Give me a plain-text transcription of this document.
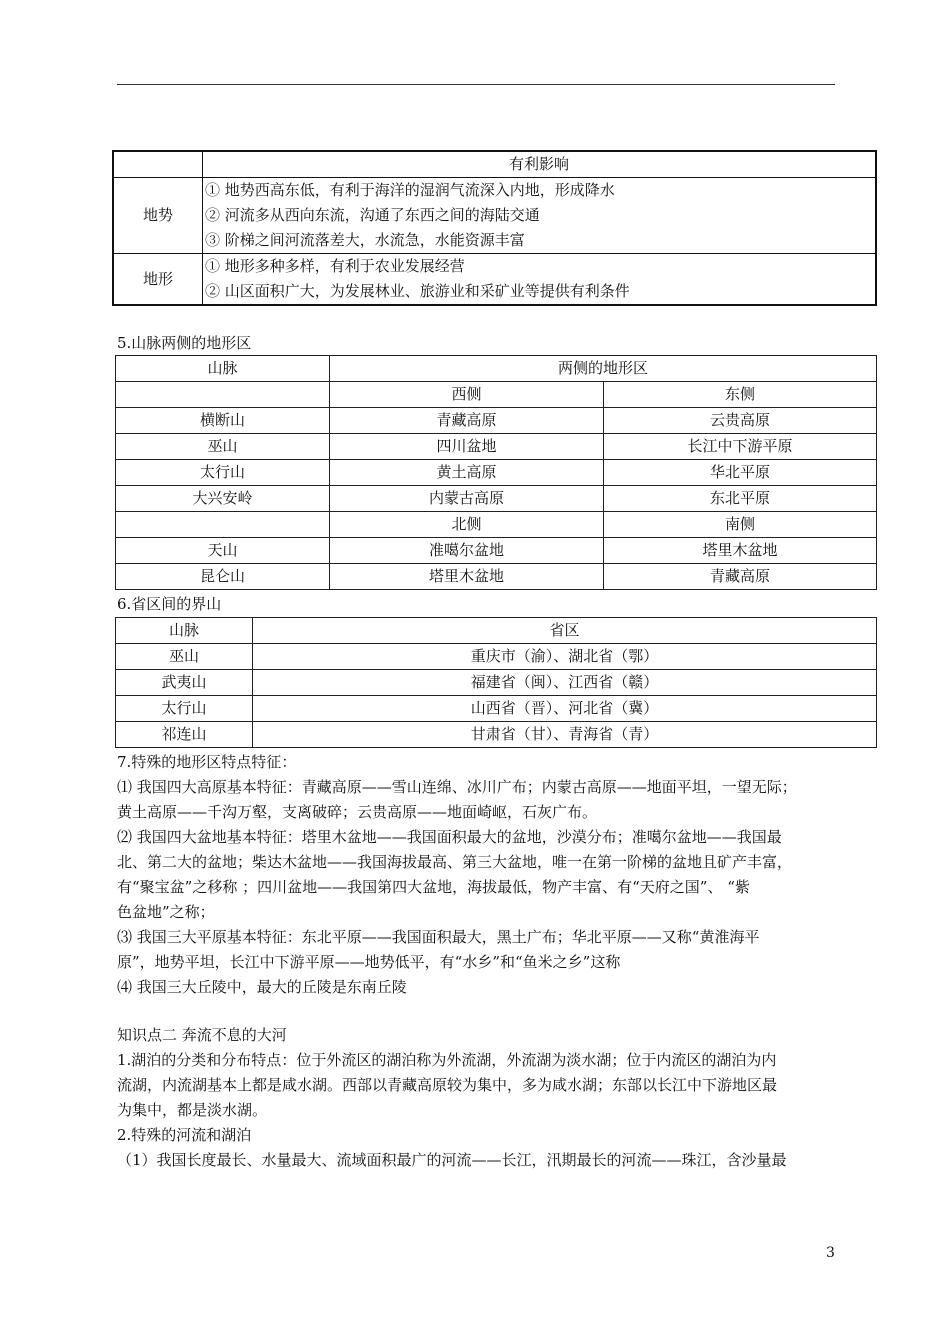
	有利影响
地势	① 地势西高东低，有利于海洋的湿润气流深入内地，形成降水
② 河流多从西向东流，沟通了东西之间的海陆交通
③ 阶梯之间河流落差大，水流急，水能资源丰富

地形	① 地形多种多样，有利于农业发展经营
② 山区面积广大，为发展林业、旅游业和采矿业等提供有利条件
5.山脉两侧的地形区
山脉	两侧的地形区	
	西侧	东侧
横断山	青藏高原	云贵高原
巫山	四川盆地	长江中下游平原
太行山	黄土高原	华北平原
大兴安岭	内蒙古高原	东北平原
	北侧	南侧
天山	准噶尔盆地	塔里木盆地
昆仑山	塔里木盆地	青藏高原
6.省区间的界山
山脉	省区
巫山	重庆市（渝）、湖北省（鄂）
武夷山	福建省（闽）、江西省（赣）
太行山	山西省（晋）、河北省（冀）
祁连山	甘肃省（甘）、青海省（青）
7.特殊的地形区特点特征：
⑴ 我国四大高原基本特征：青藏高原——雪山连绵、冰川广布；内蒙古高原——地面平坦，一望无际；
黄土高原——千沟万壑，支离破碎；云贵高原——地面崎岖，石灰广布。
⑵ 我国四大盆地基本特征：塔里木盆地——我国面积最大的盆地，沙漠分布；准噶尔盆地——我国最
北、第二大的盆地；柴达木盆地——我国海拔最高、第三大盆地，唯一在第一阶梯的盆地且矿产丰富，
有“聚宝盆”之移称 ；四川盆地——我国第四大盆地，海拔最低，物产丰富、有“天府之国”、 “紫
色盆地”之称；
⑶ 我国三大平原基本特征：东北平原——我国面积最大，黑土广布；华北平原——又称“黄淮海平
原”，地势平坦，长江中下游平原——地势低平，有“水乡”和“鱼米之乡”这称
⑷ 我国三大丘陵中，最大的丘陵是东南丘陵
知识点二 奔流不息的大河
1.湖泊的分类和分布特点：位于外流区的湖泊称为外流湖，外流湖为淡水湖；位于内流区的湖泊为内
流湖，内流湖基本上都是咸水湖。西部以青藏高原较为集中，多为咸水湖；东部以长江中下游地区最
为集中，都是淡水湖。
2.特殊的河流和湖泊
（1）我国长度最长、水量最大、流域面积最广的河流——长江，汛期最长的河流——珠江，含沙量最
3
